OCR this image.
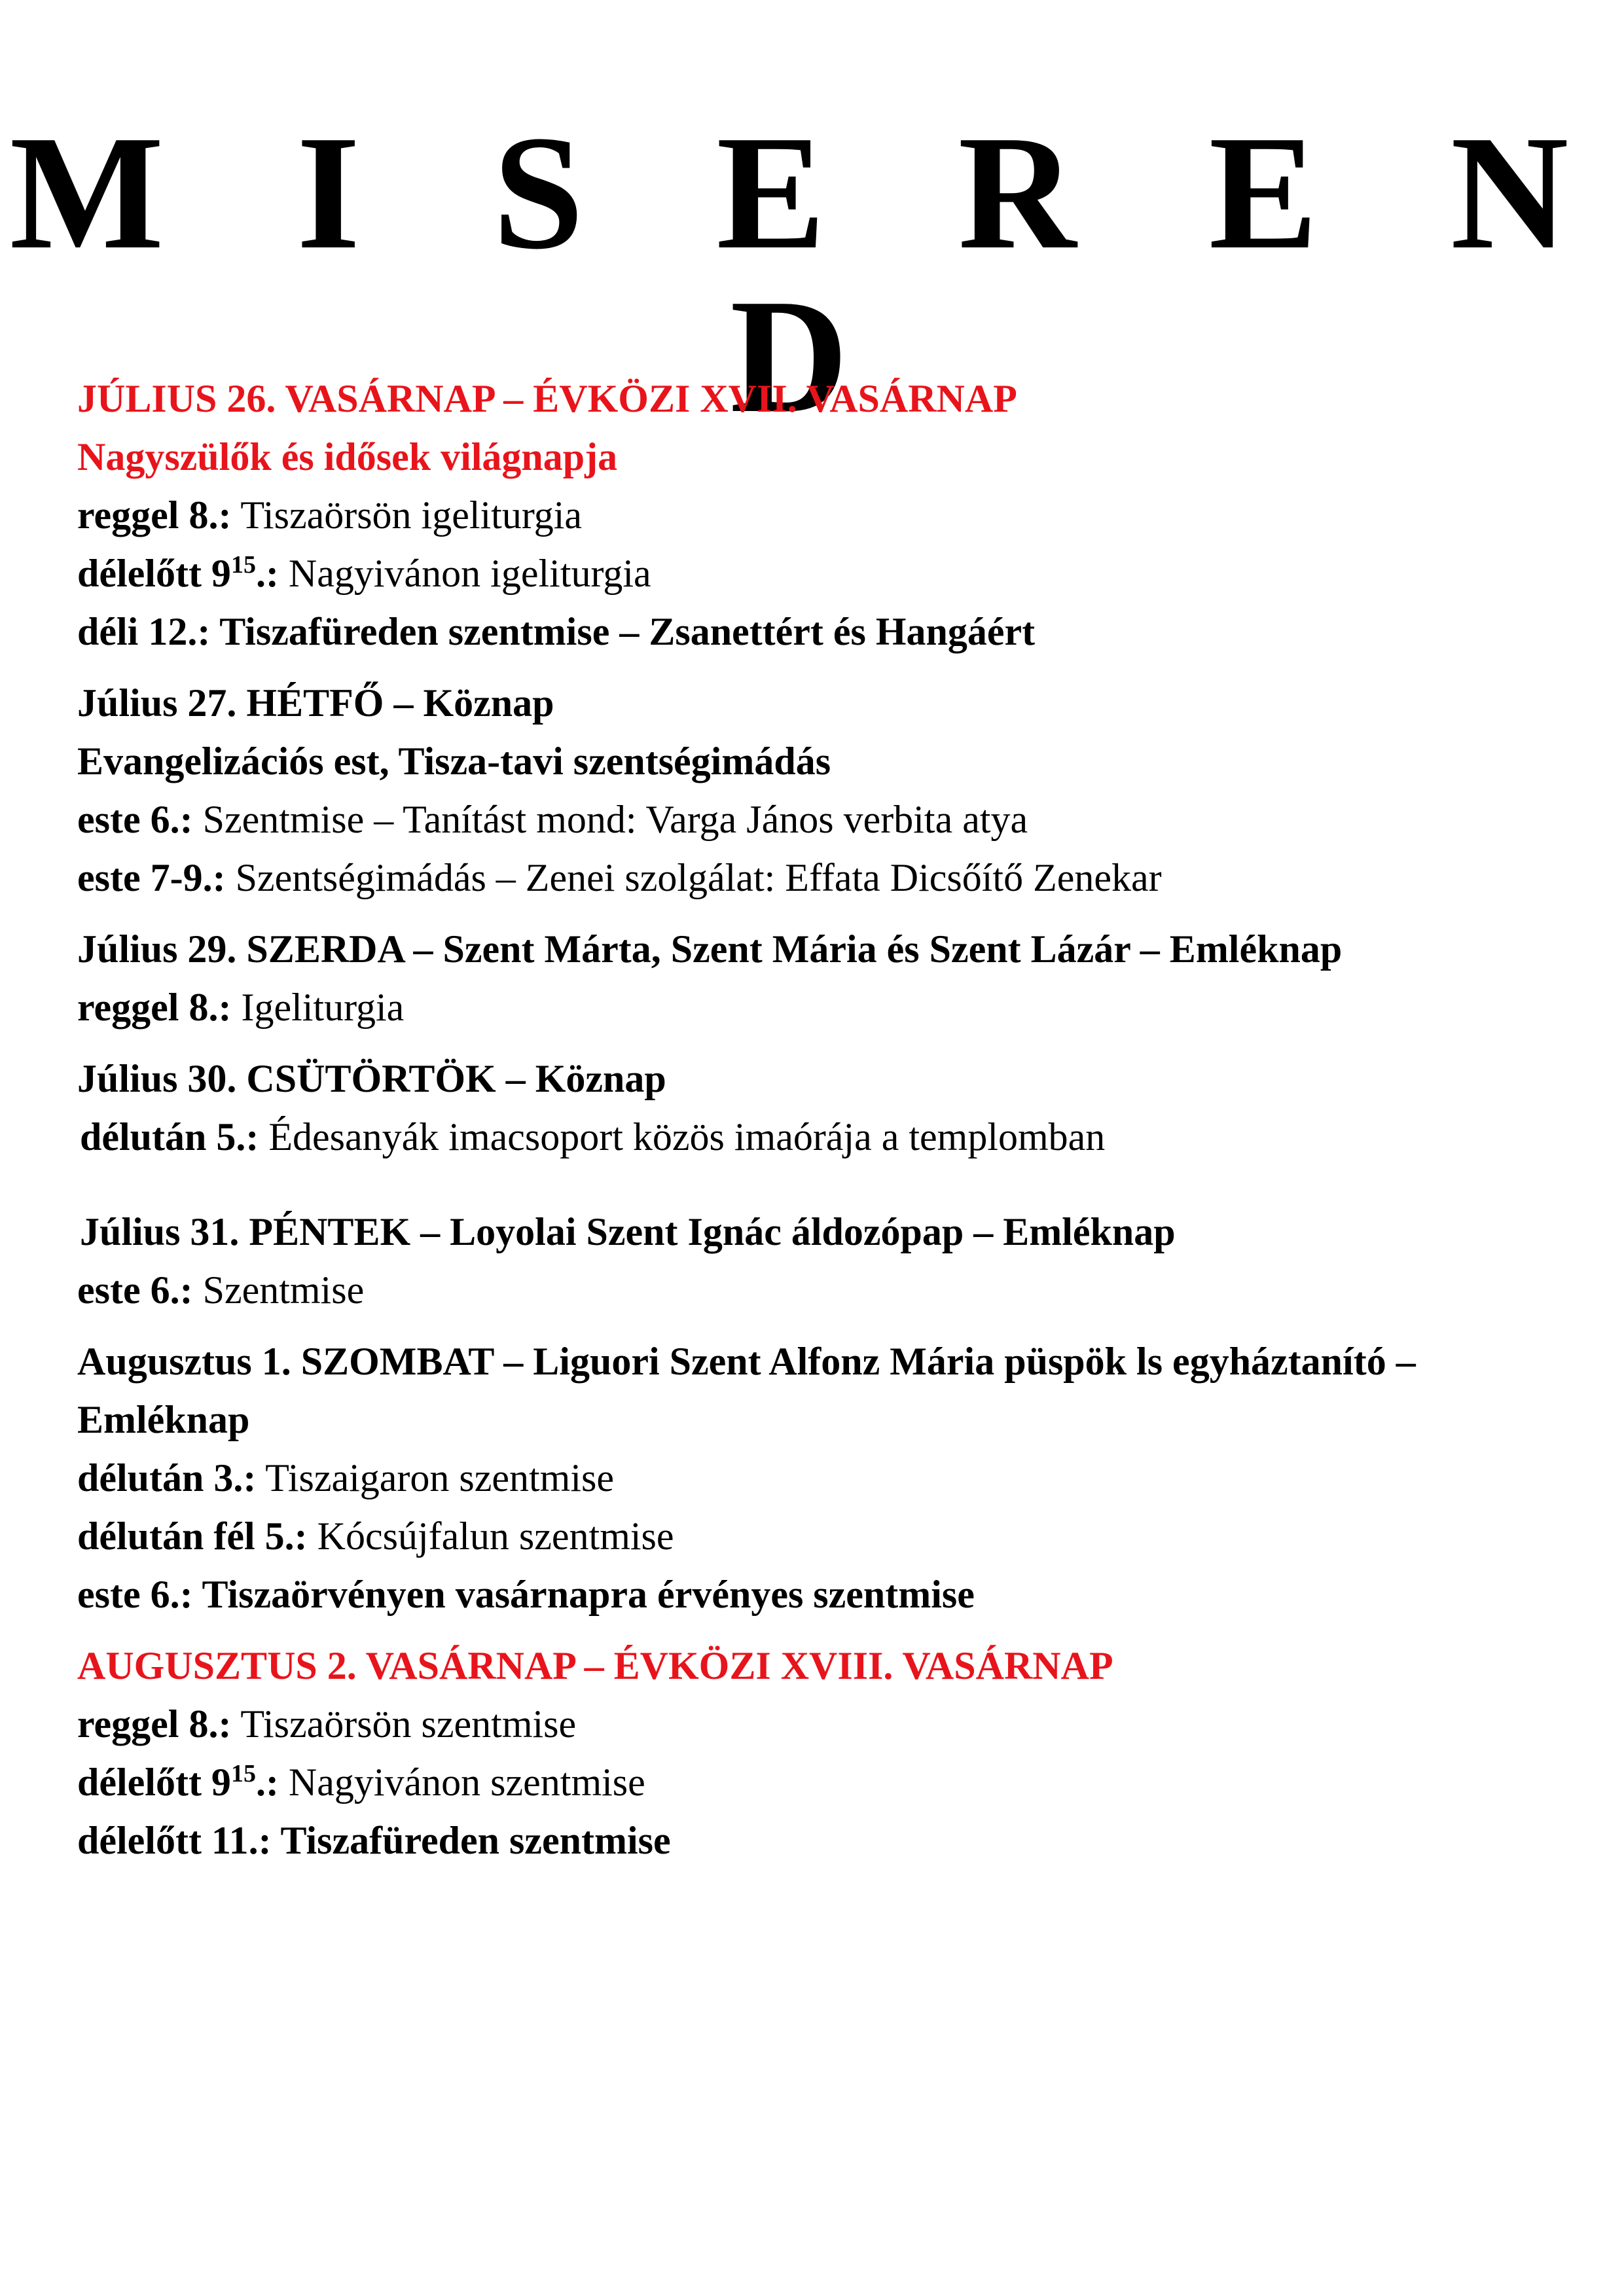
M I S E R E N D

JÚLIUS 26. VASÁRNAP – ÉVKÖZI XVII. VASÁRNAP

Nagyszülők és idősek világnapja

reggel 8.: Tiszaörsön igeliturgia

délelőtt $9^{15}$.: Nagyivánon igeliturgia

déli 12.: Tiszafüreden szentmise – Zsanettért és Hangáért

Július 27. HÉTFŐ – Köznap

Evangelizációs est, Tisza-tavi szentségimádás

este 6.: Szentmise – Tanítást mond: Varga János verbita atya

este 7-9.: Szentségimádás – Zenei szolgálat: Effata Dicsőítő Zenekar

Július 29. SZERDA – Szent Márta, Szent Mária és Szent Lázár – Emléknap

reggel 8.: Igeliturgia

Július 30. CSÜTÖRTÖK – Köznap

délután 5.: Édesanyák imacsoport közös imaórája a templomban

Július 31. PÉNTEK – Loyolai Szent Ignác áldozópap – Emléknap

este 6.: Szentmise

Augusztus 1. SZOMBAT – Liguori Szent Alfonz Mária püspök ls egyháztanító –

Emléknap

délután 3.: Tiszaigaron szentmise

délután fél 5.: Kócsújfalun szentmise

este 6.: Tiszaörvényen vasárnapra érvényes szentmise

AUGUSZTUS 2. VASÁRNAP – ÉVKÖZI XVIII. VASÁRNAP

reggel 8.: Tiszaörsön szentmise

délelőtt $9^{15}$.: Nagyivánon szentmise

délelőtt 11.: Tiszafüreden szentmise
